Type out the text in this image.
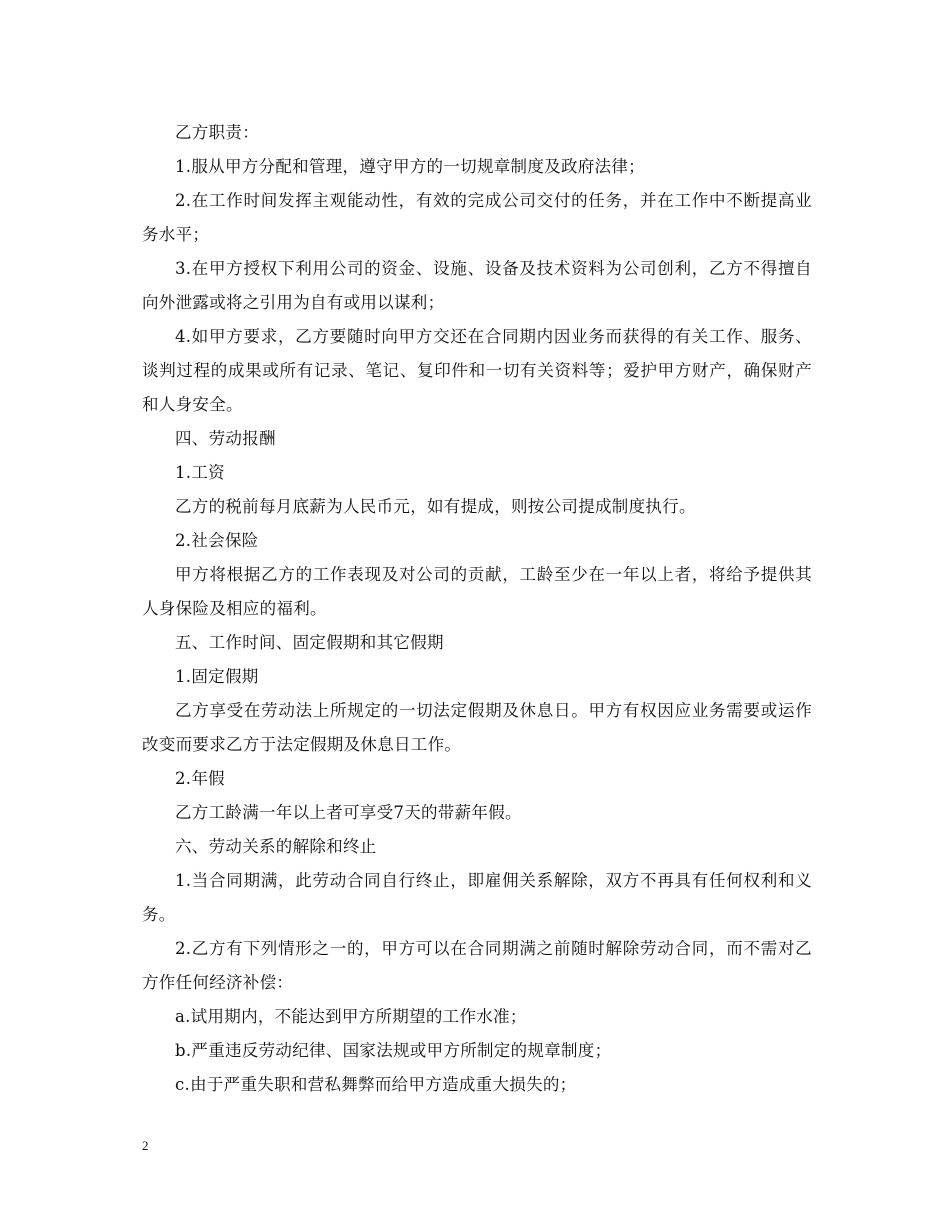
乙方职责：

1.服从甲方分配和管理，遵守甲方的一切规章制度及政府法律；

2.在工作时间发挥主观能动性，有效的完成公司交付的任务，并在工作中不断提高业务水平；

3.在甲方授权下利用公司的资金、设施、设备及技术资料为公司创利，乙方不得擅自向外泄露或将之引用为自有或用以谋利；

4.如甲方要求，乙方要随时向甲方交还在合同期内因业务而获得的有关工作、服务、谈判过程的成果或所有记录、笔记、复印件和一切有关资料等；爱护甲方财产，确保财产和人身安全。

四、劳动报酬

1.工资

乙方的税前每月底薪为人民币元，如有提成，则按公司提成制度执行。

2.社会保险

甲方将根据乙方的工作表现及对公司的贡献，工龄至少在一年以上者，将给予提供其人身保险及相应的福利。

五、工作时间、固定假期和其它假期

1.固定假期

乙方享受在劳动法上所规定的一切法定假期及休息日。甲方有权因应业务需要或运作改变而要求乙方于法定假期及休息日工作。

2.年假

乙方工龄满一年以上者可享受7天的带薪年假。

六、劳动关系的解除和终止

1.当合同期满，此劳动合同自行终止，即雇佣关系解除，双方不再具有任何权利和义务。

2.乙方有下列情形之一的，甲方可以在合同期满之前随时解除劳动合同，而不需对乙方作任何经济补偿：

a.试用期内，不能达到甲方所期望的工作水准；

b.严重违反劳动纪律、国家法规或甲方所制定的规章制度；

c.由于严重失职和营私舞弊而给甲方造成重大损失的；

2
